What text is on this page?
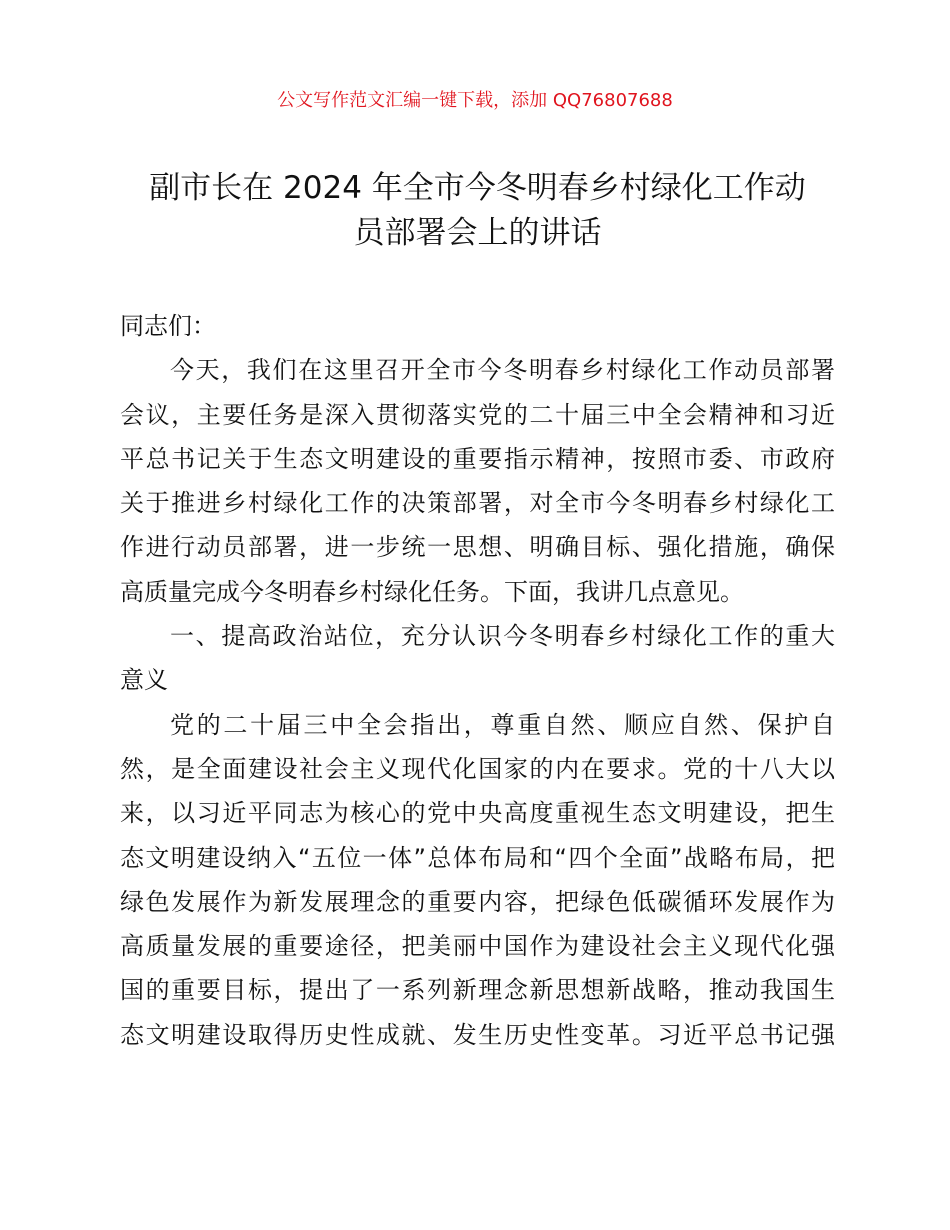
公文写作范文汇编一键下载，添加 QQ76807688
副市长在 2024 年全市今冬明春乡村绿化工作动
员部署会上的讲话
同志们：
今天，我们在这里召开全市今冬明春乡村绿化工作动员部署
会议，主要任务是深入贯彻落实党的二十届三中全会精神和习近
平总书记关于生态文明建设的重要指示精神，按照市委、市政府
关于推进乡村绿化工作的决策部署，对全市今冬明春乡村绿化工
作进行动员部署，进一步统一思想、明确目标、强化措施，确保
高质量完成今冬明春乡村绿化任务。下面，我讲几点意见。
一、提高政治站位，充分认识今冬明春乡村绿化工作的重大
意义
党的二十届三中全会指出，尊重自然、顺应自然、保护自
然，是全面建设社会主义现代化国家的内在要求。党的十八大以
来，以习近平同志为核心的党中央高度重视生态文明建设，把生
态文明建设纳入“五位一体”总体布局和“四个全面”战略布局，把
绿色发展作为新发展理念的重要内容，把绿色低碳循环发展作为
高质量发展的重要途径，把美丽中国作为建设社会主义现代化强
国的重要目标，提出了一系列新理念新思想新战略，推动我国生
态文明建设取得历史性成就、发生历史性变革。习近平总书记强
